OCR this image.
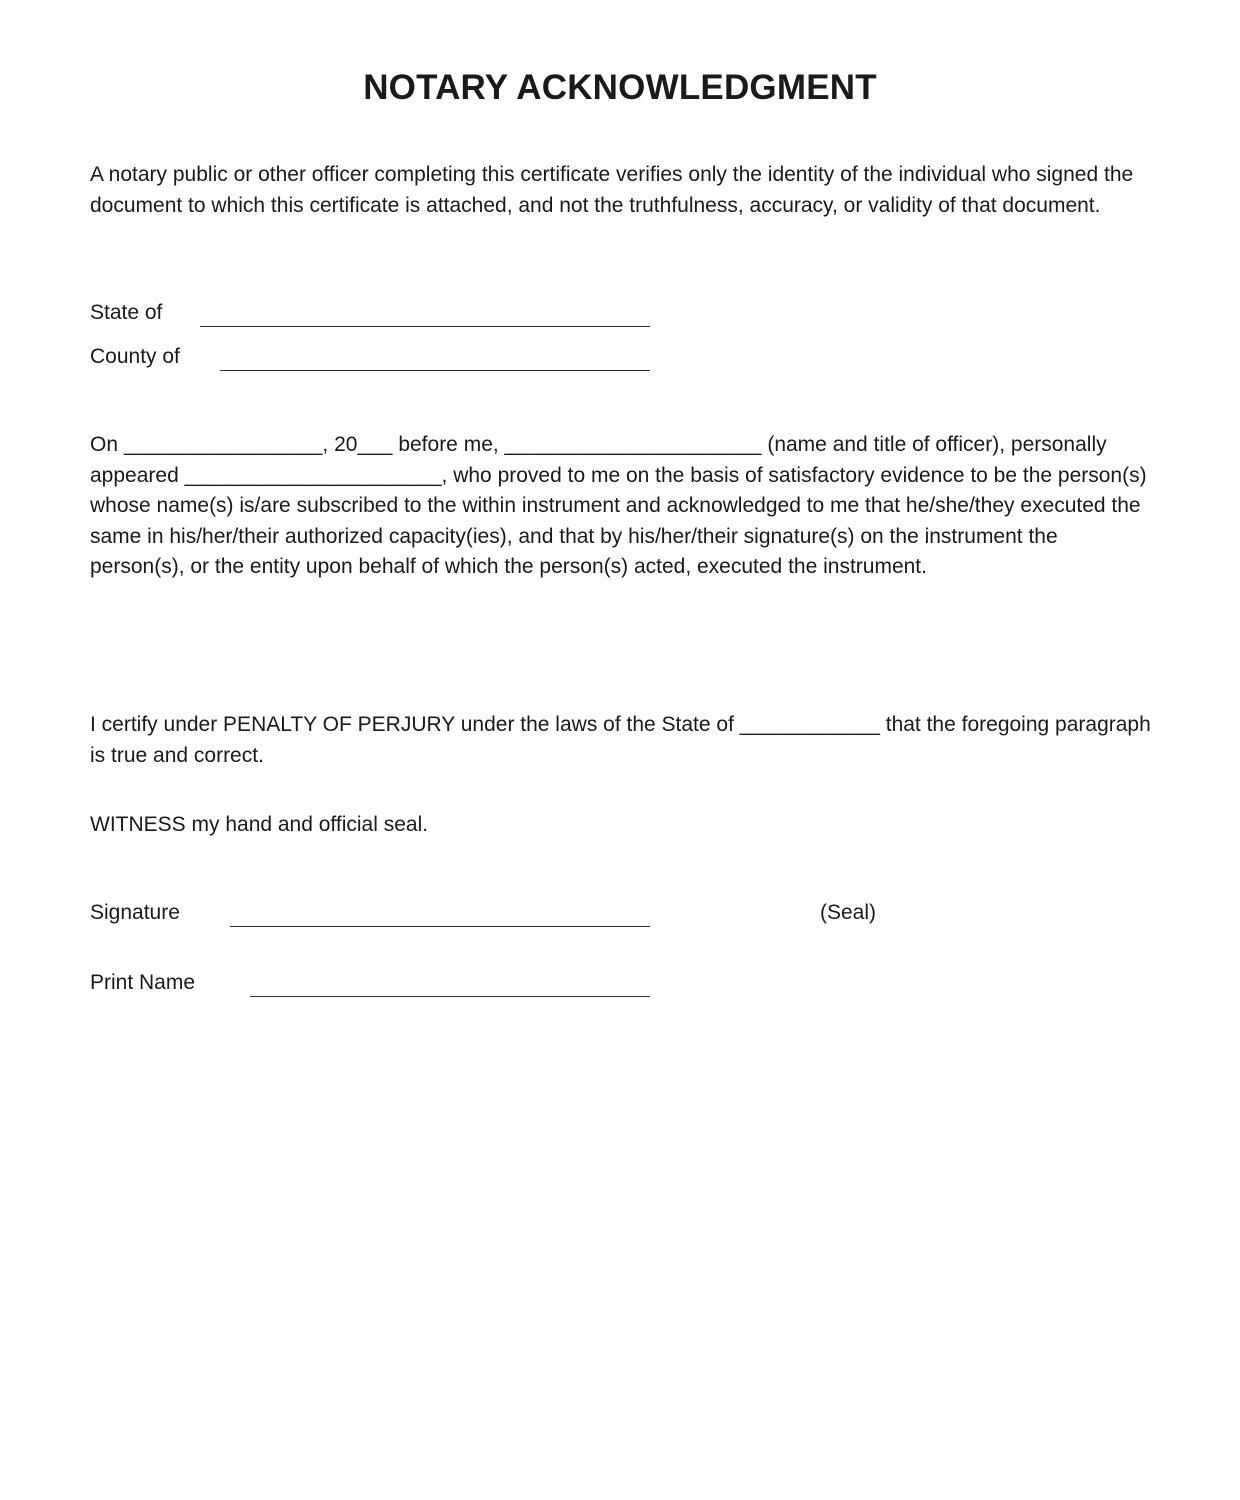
NOTARY ACKNOWLEDGMENT

A notary public or other officer completing this certificate verifies only the identity of the individual who signed the document to which this certificate is attached, and not the truthfulness, accuracy, or validity of that document.

State of
County of

On _________________, 20___ before me, ______________________ (name and title of officer), personally appeared ______________________, who proved to me on the basis of satisfactory evidence to be the person(s) whose name(s) is/are subscribed to the within instrument and acknowledged to me that he/she/they executed the same in his/her/their authorized capacity(ies), and that by his/her/their signature(s) on the instrument the person(s), or the entity upon behalf of which the person(s) acted, executed the instrument.

I certify under PENALTY OF PERJURY under the laws of the State of ____________ that the foregoing paragraph is true and correct.

WITNESS my hand and official seal.

Signature	(Seal)
Print Name
